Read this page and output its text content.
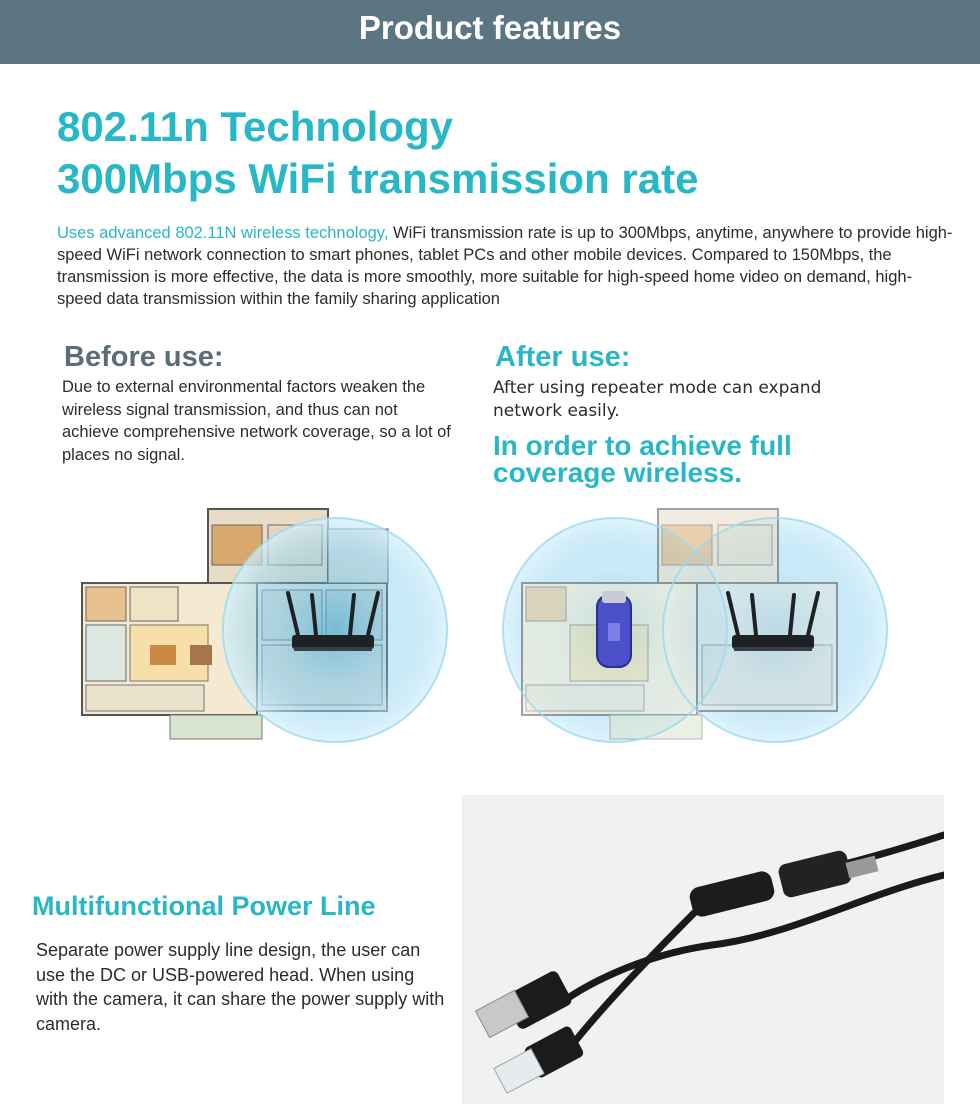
Product features
802.11n Technology
300Mbps WiFi transmission rate

Uses advanced 802.11N wireless technology, WiFi transmission rate is up to 300Mbps, anytime, anywhere to provide high-speed WiFi network connection to smart phones, tablet PCs and other mobile devices. Compared to 150Mbps, the transmission is more effective, the data is more smoothly, more suitable for high-speed home video on demand, high-speed data transmission within the family sharing application

Before use:

Due to external environmental factors weaken the wireless signal transmission, and thus can not achieve comprehensive network coverage, so a lot of places no signal.

After use:

After using repeater mode can expand network easily.

In order to achieve full coverage wireless.
Multifunctional Power Line

Separate power supply line design, the user can use the DC or USB-powered head. When using with the camera, it can share the power supply with camera.
